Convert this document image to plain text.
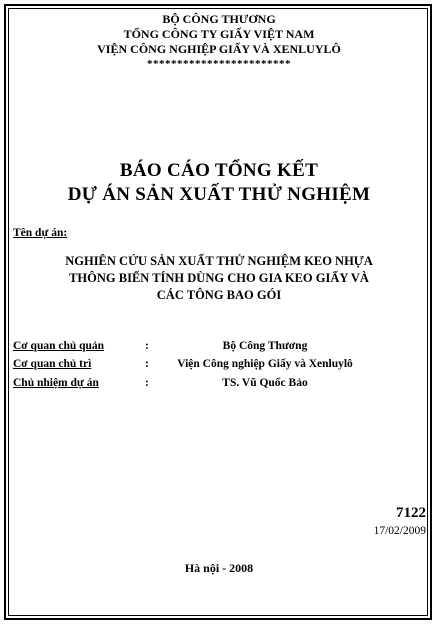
BỘ CÔNG THƯƠNG
TỔNG CÔNG TY GIẤY VIỆT NAM
VIỆN CÔNG NGHIỆP GIẤY VÀ XENLUYLÔ
************************
BÁO CÁO TỔNG KẾT
DỰ ÁN SẢN XUẤT THỬ NGHIỆM
Tên dự án:
NGHIÊN CỨU SẢN XUẤT THỬ NGHIỆM KEO NHỰA
THÔNG BIẾN TÍNH DÙNG CHO GIA KEO GIẤY VÀ
CÁC TÔNG BAO GÓI
Cơ quan chủ quản	:	Bộ Công Thương
Cơ quan chủ trì	:	Viện Công nghiệp Giấy và Xenluylô
Chủ nhiệm dự án	:	TS. Vũ Quốc Bảo
7122
17/02/2009
Hà nội - 2008
